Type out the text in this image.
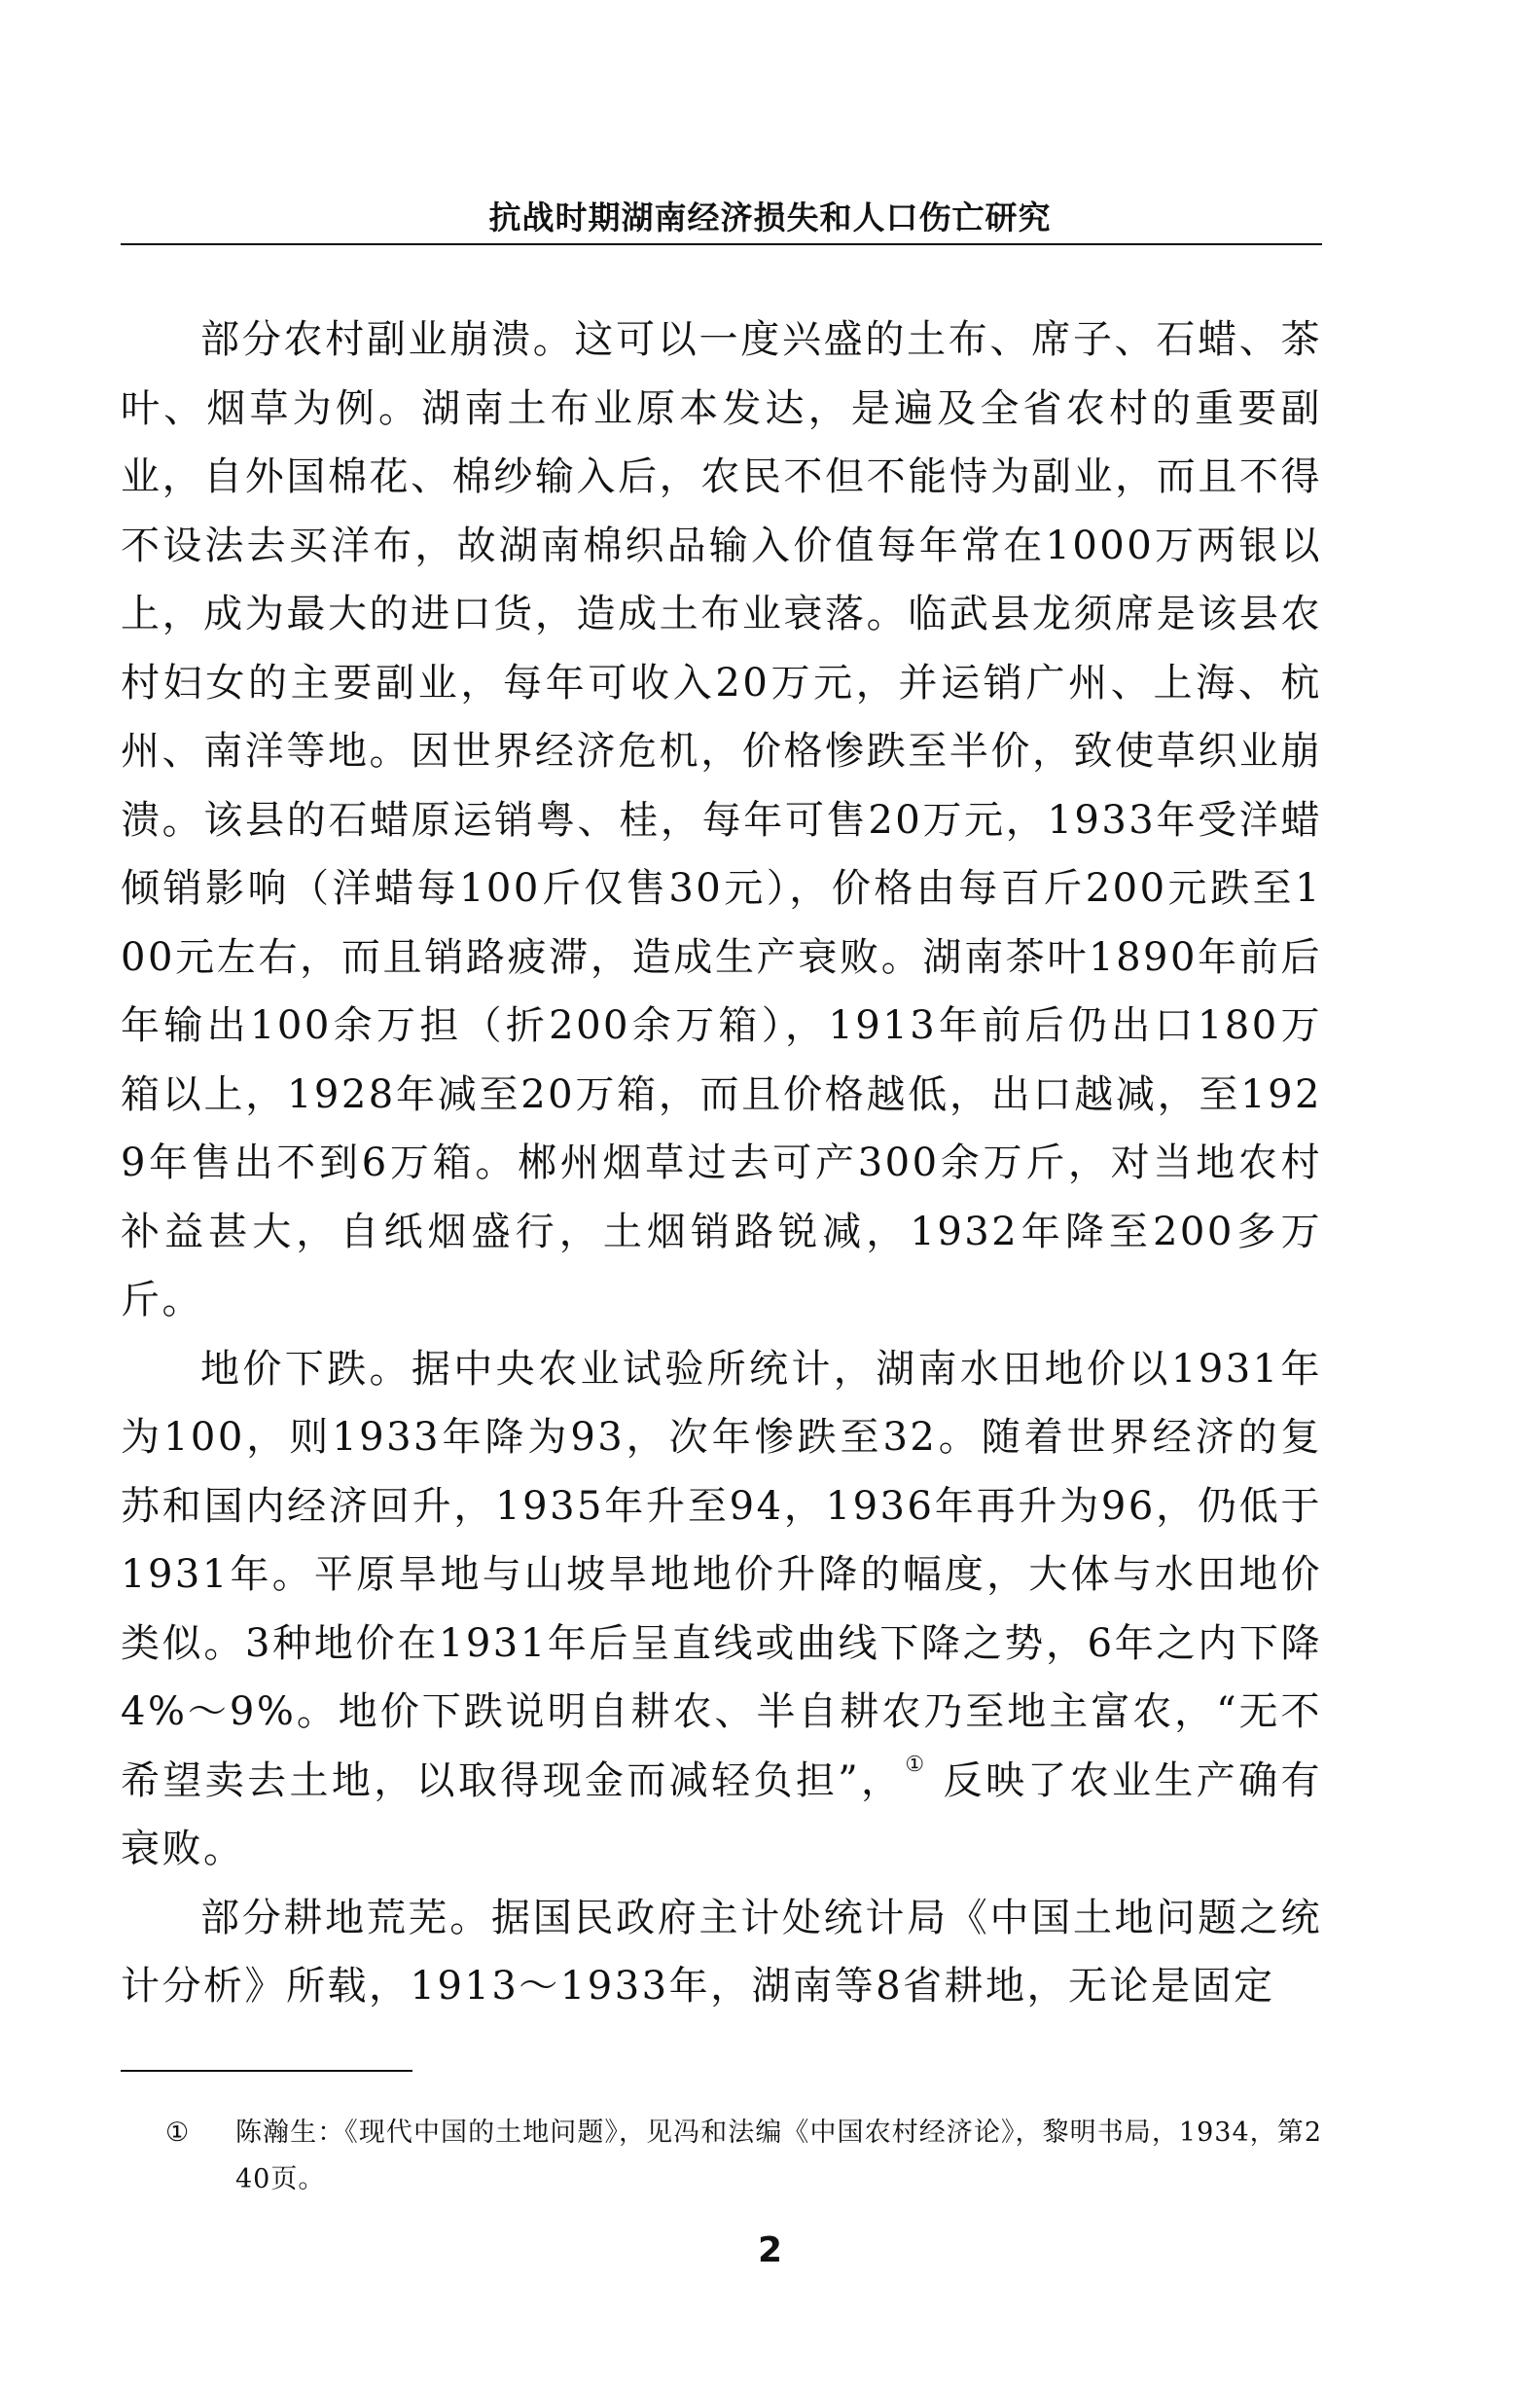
抗战时期湖南经济损失和人口伤亡研究

部分农村副业崩溃。这可以一度兴盛的土布、席子、石蜡、茶叶、烟草为例。湖南土布业原本发达，是遍及全省农村的重要副业，自外国棉花、棉纱输入后，农民不但不能恃为副业，而且不得不设法去买洋布，故湖南棉织品输入价值每年常在1000万两银以上，成为最大的进口货，造成土布业衰落。临武县龙须席是该县农村妇女的主要副业，每年可收入20万元，并运销广州、上海、杭州、南洋等地。因世界经济危机，价格惨跌至半价，致使草织业崩溃。该县的石蜡原运销粤、桂，每年可售20万元，1933年受洋蜡倾销影响（洋蜡每100斤仅售30元），价格由每百斤200元跌至100元左右，而且销路疲滞，造成生产衰败。湖南茶叶1890年前后年输出100余万担（折200余万箱），1913年前后仍出口180万箱以上，1928年减至20万箱，而且价格越低，出口越减，至1929年售出不到6万箱。郴州烟草过去可产300余万斤，对当地农村补益甚大，自纸烟盛行，土烟销路锐减，1932年降至200多万斤。

地价下跌。据中央农业试验所统计，湖南水田地价以1931年为100，则1933年降为93，次年惨跌至32。随着世界经济的复苏和国内经济回升，1935年升至94，1936年再升为96，仍低于1931年。平原旱地与山坡旱地地价升降的幅度，大体与水田地价类似。3种地价在1931年后呈直线或曲线下降之势，6年之内下降4%～9%。地价下跌说明自耕农、半自耕农乃至地主富农，“无不希望卖去土地，以取得现金而减轻负担”，① 反映了农业生产确有衰败。

部分耕地荒芜。据国民政府主计处统计局《中国土地问题之统计分析》所载，1913～1933年，湖南等8省耕地，无论是固定

① 陈瀚生：《现代中国的土地问题》，见冯和法编《中国农村经济论》，黎明书局，1934，第240页。
2
